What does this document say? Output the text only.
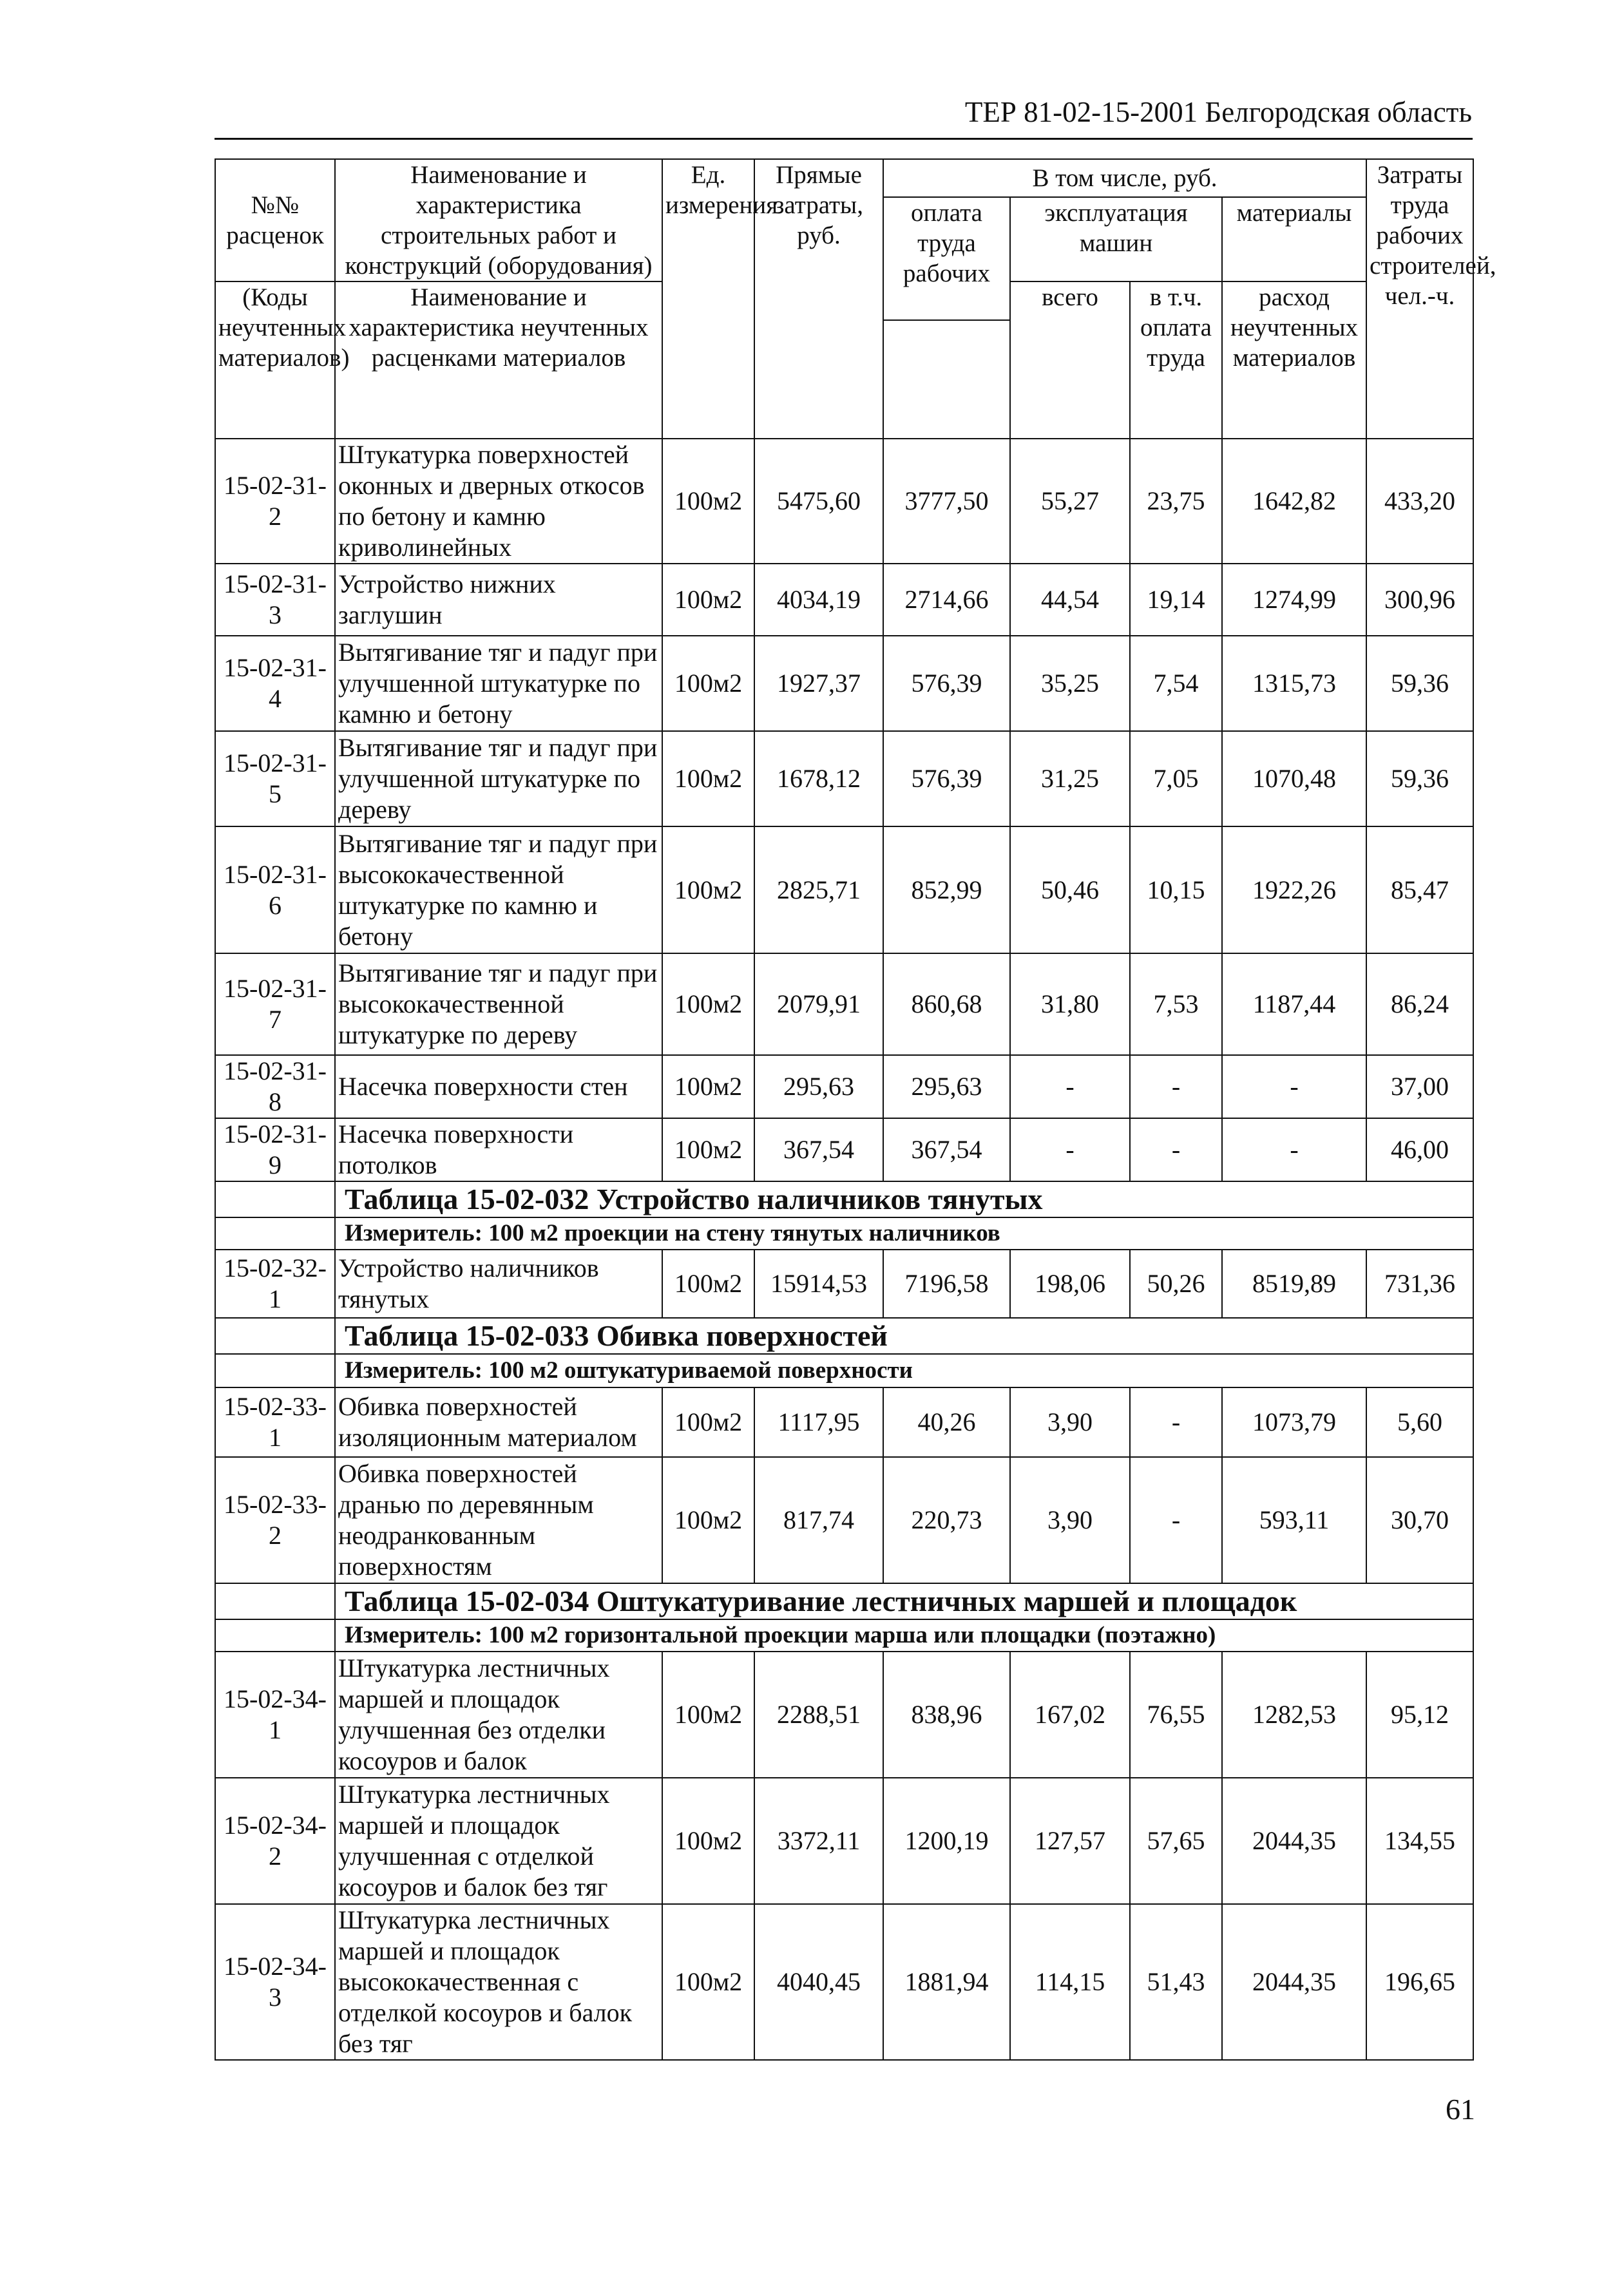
ТЕР 81-02-15-2001 Белгородская область
№№ расценок	Наименование и характеристика строительных работ и конструкций (оборудования)	Ед. измерения	Прямые затраты, руб.	В том числе, руб.				Затраты труда рабочих строителей, чел.-ч.
				оплата труда рабочих	эксплуатация машин		материалы	

(Коды неучтенных материалов)	Наименование и характеристика неучтенных расценками материалов				всего	в т.ч. оплата труда	расход неучтенных материалов	

15-02-31-2	Штукатурка поверхностей оконных и дверных откосов по бетону и камню криволинейных	100м2	5475,60	3777,50	55,27	23,75	1642,82	433,20
15-02-31-3	Устройство нижних заглушин	100м2	4034,19	2714,66	44,54	19,14	1274,99	300,96
15-02-31-4	Вытягивание тяг и падуг при улучшенной штукатурке по камню и бетону	100м2	1927,37	576,39	35,25	7,54	1315,73	59,36
15-02-31-5	Вытягивание тяг и падуг при улучшенной штукатурке по дереву	100м2	1678,12	576,39	31,25	7,05	1070,48	59,36
15-02-31-6	Вытягивание тяг и падуг при высококачественной штукатурке по камню и бетону	100м2	2825,71	852,99	50,46	10,15	1922,26	85,47
15-02-31-7	Вытягивание тяг и падуг при высококачественной штукатурке по дереву	100м2	2079,91	860,68	31,80	7,53	1187,44	86,24
15-02-31-8	Насечка поверхности стен	100м2	295,63	295,63	-	-	-	37,00
15-02-31-9	Насечка поверхности потолков	100м2	367,54	367,54	-	-	-	46,00
	Таблица 15-02-032 Устройство наличников тянутых							
	Измеритель: 100 м2 проекции на стену тянутых наличников							
15-02-32-1	Устройство наличников тянутых	100м2	15914,53	7196,58	198,06	50,26	8519,89	731,36
	Таблица 15-02-033 Обивка поверхностей							
	Измеритель: 100 м2 оштукатуриваемой поверхности							
15-02-33-1	Обивка поверхностей изоляционным материалом	100м2	1117,95	40,26	3,90	-	1073,79	5,60
15-02-33-2	Обивка поверхностей дранью по деревянным неодранкованным поверхностям	100м2	817,74	220,73	3,90	-	593,11	30,70
	Таблица 15-02-034 Оштукатуривание лестничных маршей и площадок							
	Измеритель: 100 м2 горизонтальной проекции марша или площадки (поэтажно)							
15-02-34-1	Штукатурка лестничных маршей и площадок улучшенная без отделки косоуров и балок	100м2	2288,51	838,96	167,02	76,55	1282,53	95,12
15-02-34-2	Штукатурка лестничных маршей и площадок улучшенная с отделкой косоуров и балок без тяг	100м2	3372,11	1200,19	127,57	57,65	2044,35	134,55
15-02-34-3	Штукатурка лестничных маршей и площадок высококачественная с отделкой косоуров и балок без тяг	100м2	4040,45	1881,94	114,15	51,43	2044,35	196,65
61
